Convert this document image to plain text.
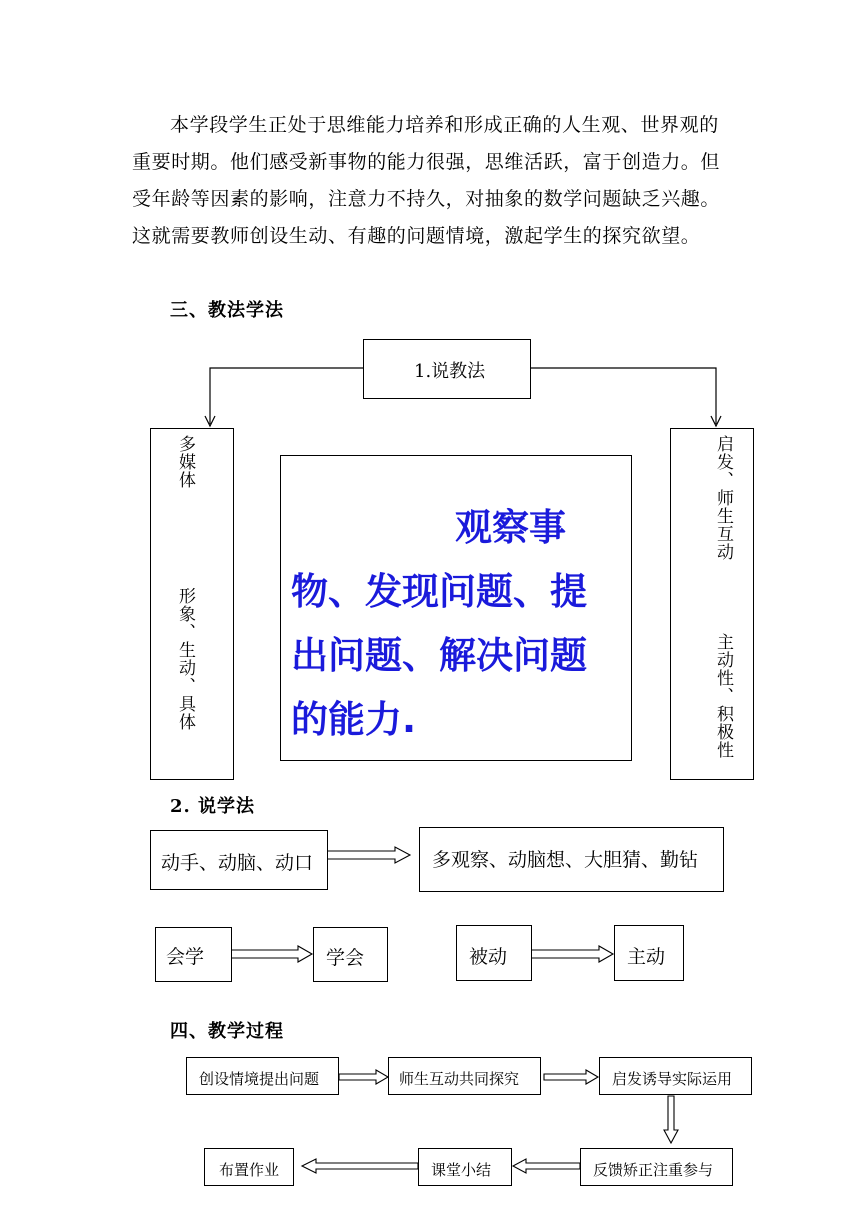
本学段学生正处于思维能力培养和形成正确的人生观、世界观的重要时期。他们感受新事物的能力很强，思维活跃，富于创造力。但受年龄等因素的影响，注意力不持久，对抽象的数学问题缺乏兴趣。这就需要教师创设生动、有趣的问题情境，激起学生的探究欲望。

三、教法学法
1.说教法
多媒体
形象、生动、具体
启发、师生互动
主动性、积极性
观察事
物、发现问题、提出问题、解决问题的能力.
2. 说学法
动手、动脑、动口	多观察、动脑想、大胆猜、勤钻
会学	学会	被动	主动
四、教学过程
创设情境提出问题	师生互动共同探究	启发诱导实际运用
反馈矫正注重参与
课堂小结
布置作业
